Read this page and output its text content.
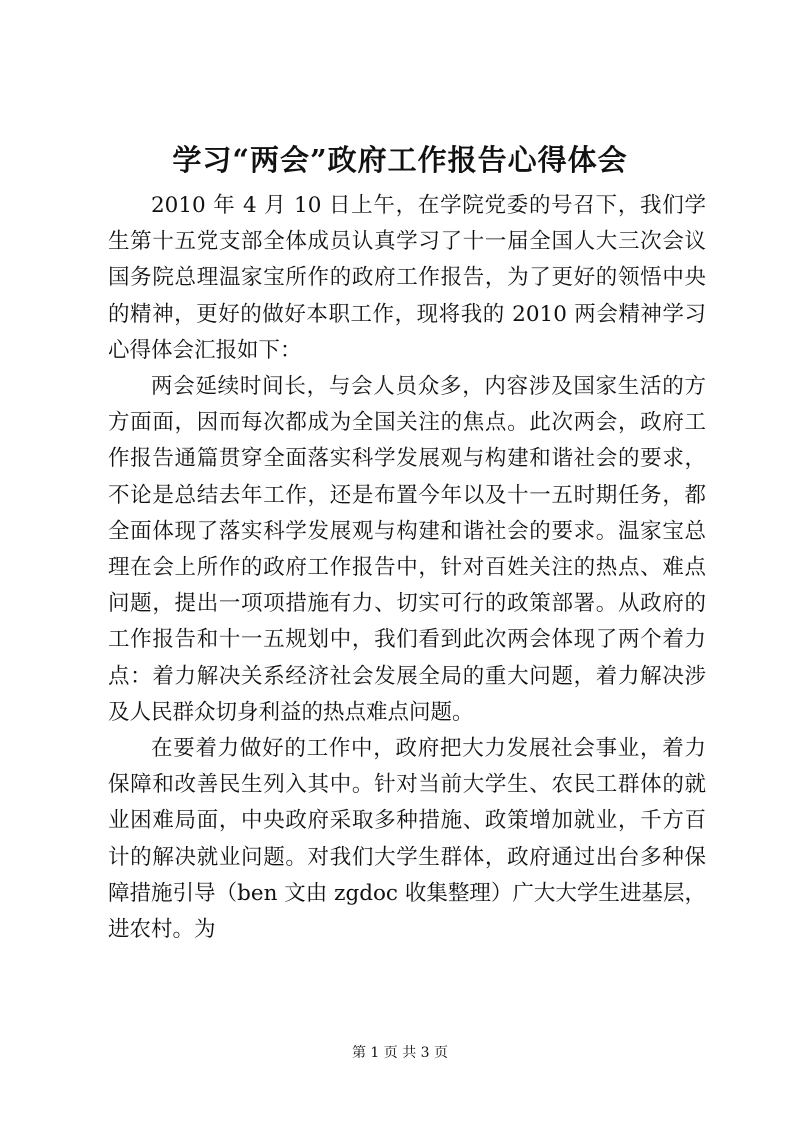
学习“两会”政府工作报告心得体会

2010 年 4 月 10 日上午，在学院党委的号召下，我们学生第十五党支部全体成员认真学习了十一届全国人大三次会议国务院总理温家宝所作的政府工作报告，为了更好的领悟中央的精神，更好的做好本职工作，现将我的 2010 两会精神学习心得体会汇报如下：

两会延续时间长，与会人员众多，内容涉及国家生活的方方面面，因而每次都成为全国关注的焦点。此次两会，政府工作报告通篇贯穿全面落实科学发展观与构建和谐社会的要求，不论是总结去年工作，还是布置今年以及十一五时期任务，都全面体现了落实科学发展观与构建和谐社会的要求。温家宝总理在会上所作的政府工作报告中，针对百姓关注的热点、难点问题，提出一项项措施有力、切实可行的政策部署。从政府的工作报告和十一五规划中，我们看到此次两会体现了两个着力点：着力解决关系经济社会发展全局的重大问题，着力解决涉及人民群众切身利益的热点难点问题。

在要着力做好的工作中，政府把大力发展社会事业，着力保障和改善民生列入其中。针对当前大学生、农民工群体的就业困难局面，中央政府采取多种措施、政策增加就业，千方百计的解决就业问题。对我们大学生群体，政府通过出台多种保障措施引导（ben 文由 zgdoc 收集整理）广大大学生进基层，进农村。为

第 1 页 共 3 页
